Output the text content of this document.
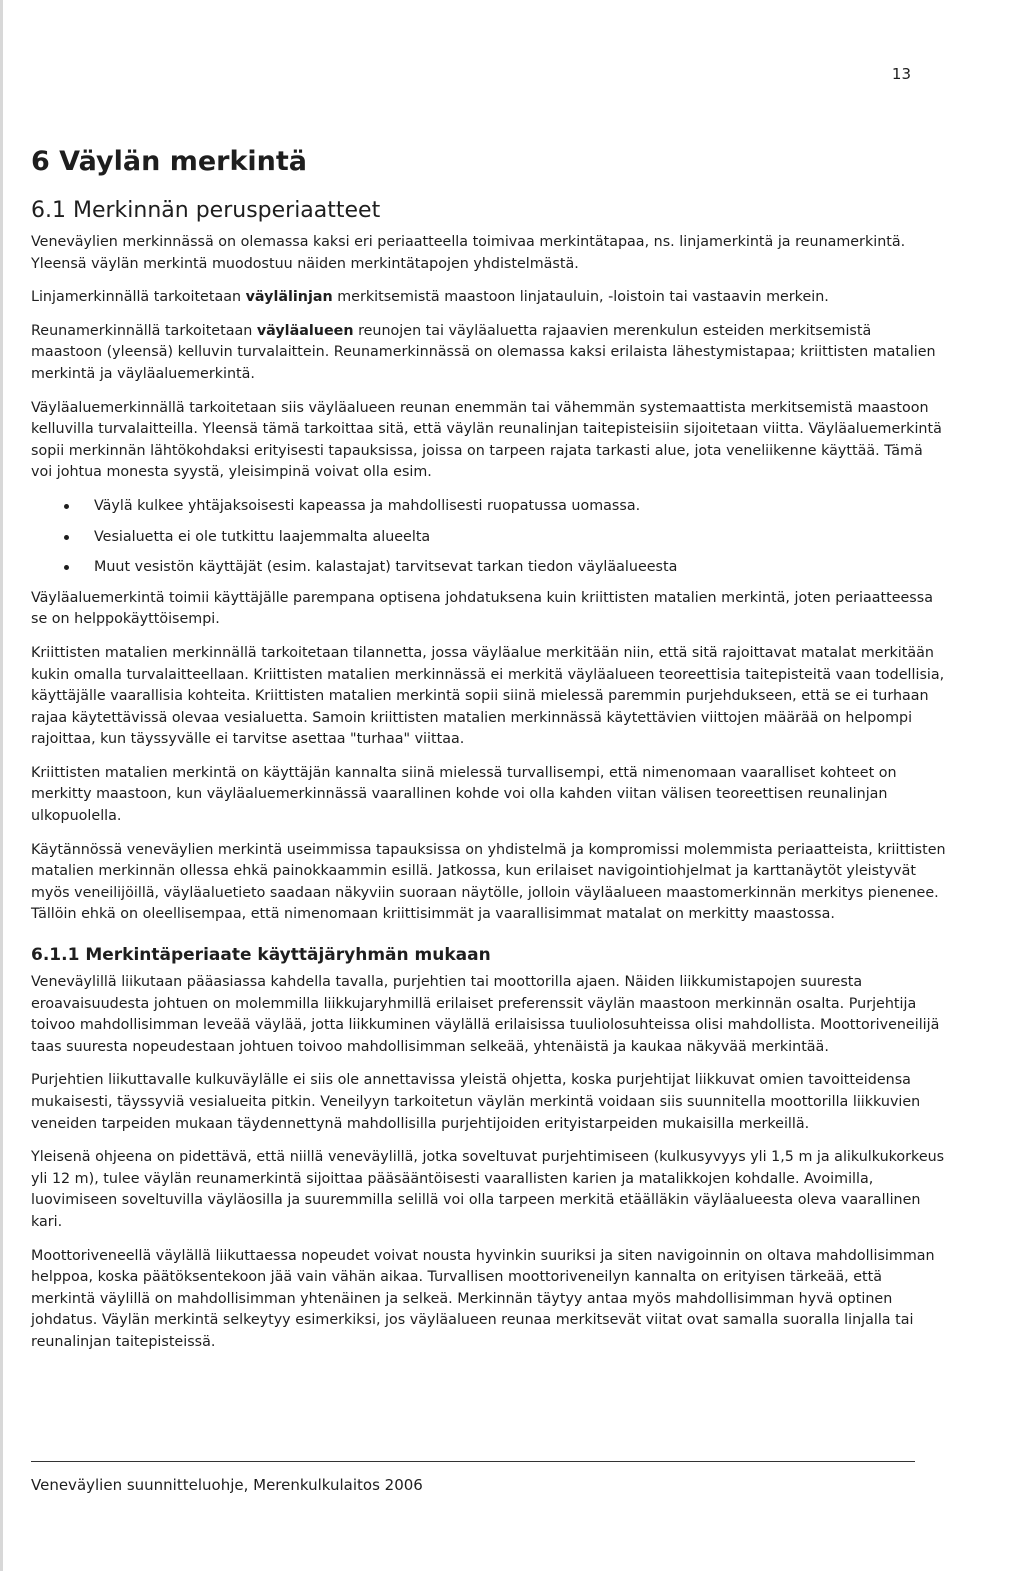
13

6 Väylän merkintä
6.1 Merkinnän perusperiaatteet

Veneväylien merkinnässä on olemassa kaksi eri periaatteella toimivaa merkintätapaa, ns. linjamerkintä ja reunamerkintä. Yleensä väylän merkintä muodostuu näiden merkintätapojen yhdistelmästä.

Linjamerkinnällä tarkoitetaan väylälinjan merkitsemistä maastoon linjatauluin, -loistoin tai vastaavin merkein.

Reunamerkinnällä tarkoitetaan väyläalueen reunojen tai väyläaluetta rajaavien merenkulun esteiden merkitsemistä maastoon (yleensä) kelluvin turvalaittein. Reunamerkinnässä on olemassa kaksi erilaista lähestymistapaa; kriittisten matalien merkintä ja väyläaluemerkintä.

Väyläaluemerkinnällä tarkoitetaan siis väyläalueen reunan enemmän tai vähemmän systemaattista merkitsemistä maastoon kelluvilla turvalaitteilla. Yleensä tämä tarkoittaa sitä, että väylän reunalinjan taitepisteisiin sijoitetaan viitta. Väyläaluemerkintä sopii merkinnän lähtökohdaksi erityisesti tapauksissa, joissa on tarpeen rajata tarkasti alue, jota veneliikenne käyttää. Tämä voi johtua monesta syystä, yleisimpinä voivat olla esim.

Väylä kulkee yhtäjaksoisesti kapeassa ja mahdollisesti ruopatussa uomassa.
Vesialuetta ei ole tutkittu laajemmalta alueelta
Muut vesistön käyttäjät (esim. kalastajat) tarvitsevat tarkan tiedon väyläalueesta

Väyläaluemerkintä toimii käyttäjälle parempana optisena johdatuksena kuin kriittisten matalien merkintä, joten periaatteessa se on helppokäyttöisempi.

Kriittisten matalien merkinnällä tarkoitetaan tilannetta, jossa väyläalue merkitään niin, että sitä rajoittavat matalat merkitään kukin omalla turvalaitteellaan. Kriittisten matalien merkinnässä ei merkitä väyläalueen teoreettisia taitepisteitä vaan todellisia, käyttäjälle vaarallisia kohteita. Kriittisten matalien merkintä sopii siinä mielessä paremmin purjehdukseen, että se ei turhaan rajaa käytettävissä olevaa vesialuetta. Samoin kriittisten matalien merkinnässä käytettävien viittojen määrää on helpompi rajoittaa, kun täyssyvälle ei tarvitse asettaa "turhaa" viittaa.

Kriittisten matalien merkintä on käyttäjän kannalta siinä mielessä turvallisempi, että nimenomaan vaaralliset kohteet on merkitty maastoon, kun väyläaluemerkinnässä vaarallinen kohde voi olla kahden viitan välisen teoreettisen reunalinjan ulkopuolella.

Käytännössä veneväylien merkintä useimmissa tapauksissa on yhdistelmä ja kompromissi molemmista periaatteista, kriittisten matalien merkinnän ollessa ehkä painokkaammin esillä. Jatkossa, kun erilaiset navigointiohjelmat ja karttanäytöt yleistyvät myös veneilijöillä, väyläaluetieto saadaan näkyviin suoraan näytölle, jolloin väyläalueen maastomerkinnän merkitys pienenee. Tällöin ehkä on oleellisempaa, että nimenomaan kriittisimmät ja vaarallisimmat matalat on merkitty maastossa.

6.1.1 Merkintäperiaate käyttäjäryhmän mukaan

Veneväylillä liikutaan pääasiassa kahdella tavalla, purjehtien tai moottorilla ajaen. Näiden liikkumistapojen suuresta eroavaisuudesta johtuen on molemmilla liikkujaryhmillä erilaiset preferenssit väylän maastoon merkinnän osalta. Purjehtija toivoo mahdollisimman leveää väylää, jotta liikkuminen väylällä erilaisissa tuuliolosuhteissa olisi mahdollista. Moottoriveneilijä taas suuresta nopeudestaan johtuen toivoo mahdollisimman selkeää, yhtenäistä ja kaukaa näkyvää merkintää.

Purjehtien liikuttavalle kulkuväylälle ei siis ole annettavissa yleistä ohjetta, koska purjehtijat liikkuvat omien tavoitteidensa mukaisesti, täyssyviä vesialueita pitkin. Veneilyyn tarkoitetun väylän merkintä voidaan siis suunnitella moottorilla liikkuvien veneiden tarpeiden mukaan täydennettynä mahdollisilla purjehtijoiden erityistarpeiden mukaisilla merkeillä.

Yleisenä ohjeena on pidettävä, että niillä veneväylillä, jotka soveltuvat purjehtimiseen (kulkusyvyys yli 1,5 m ja alikulkukorkeus yli 12 m), tulee väylän reunamerkintä sijoittaa pääsääntöisesti vaarallisten karien ja matalikkojen kohdalle. Avoimilla, luovimiseen soveltuvilla väyläosilla ja suuremmilla selillä voi olla tarpeen merkitä etäälläkin väyläalueesta oleva vaarallinen kari.

Moottoriveneellä väylällä liikuttaessa nopeudet voivat nousta hyvinkin suuriksi ja siten navigoinnin on oltava mahdollisimman helppoa, koska päätöksentekoon jää vain vähän aikaa. Turvallisen moottoriveneilyn kannalta on erityisen tärkeää, että merkintä väylillä on mahdollisimman yhtenäinen ja selkeä. Merkinnän täytyy antaa myös mahdollisimman hyvä optinen johdatus. Väylän merkintä selkeytyy esimerkiksi, jos väyläalueen reunaa merkitsevät viitat ovat samalla suoralla linjalla tai reunalinjan taitepisteissä.

Veneväylien suunnitteluohje, Merenkulkulaitos 2006
